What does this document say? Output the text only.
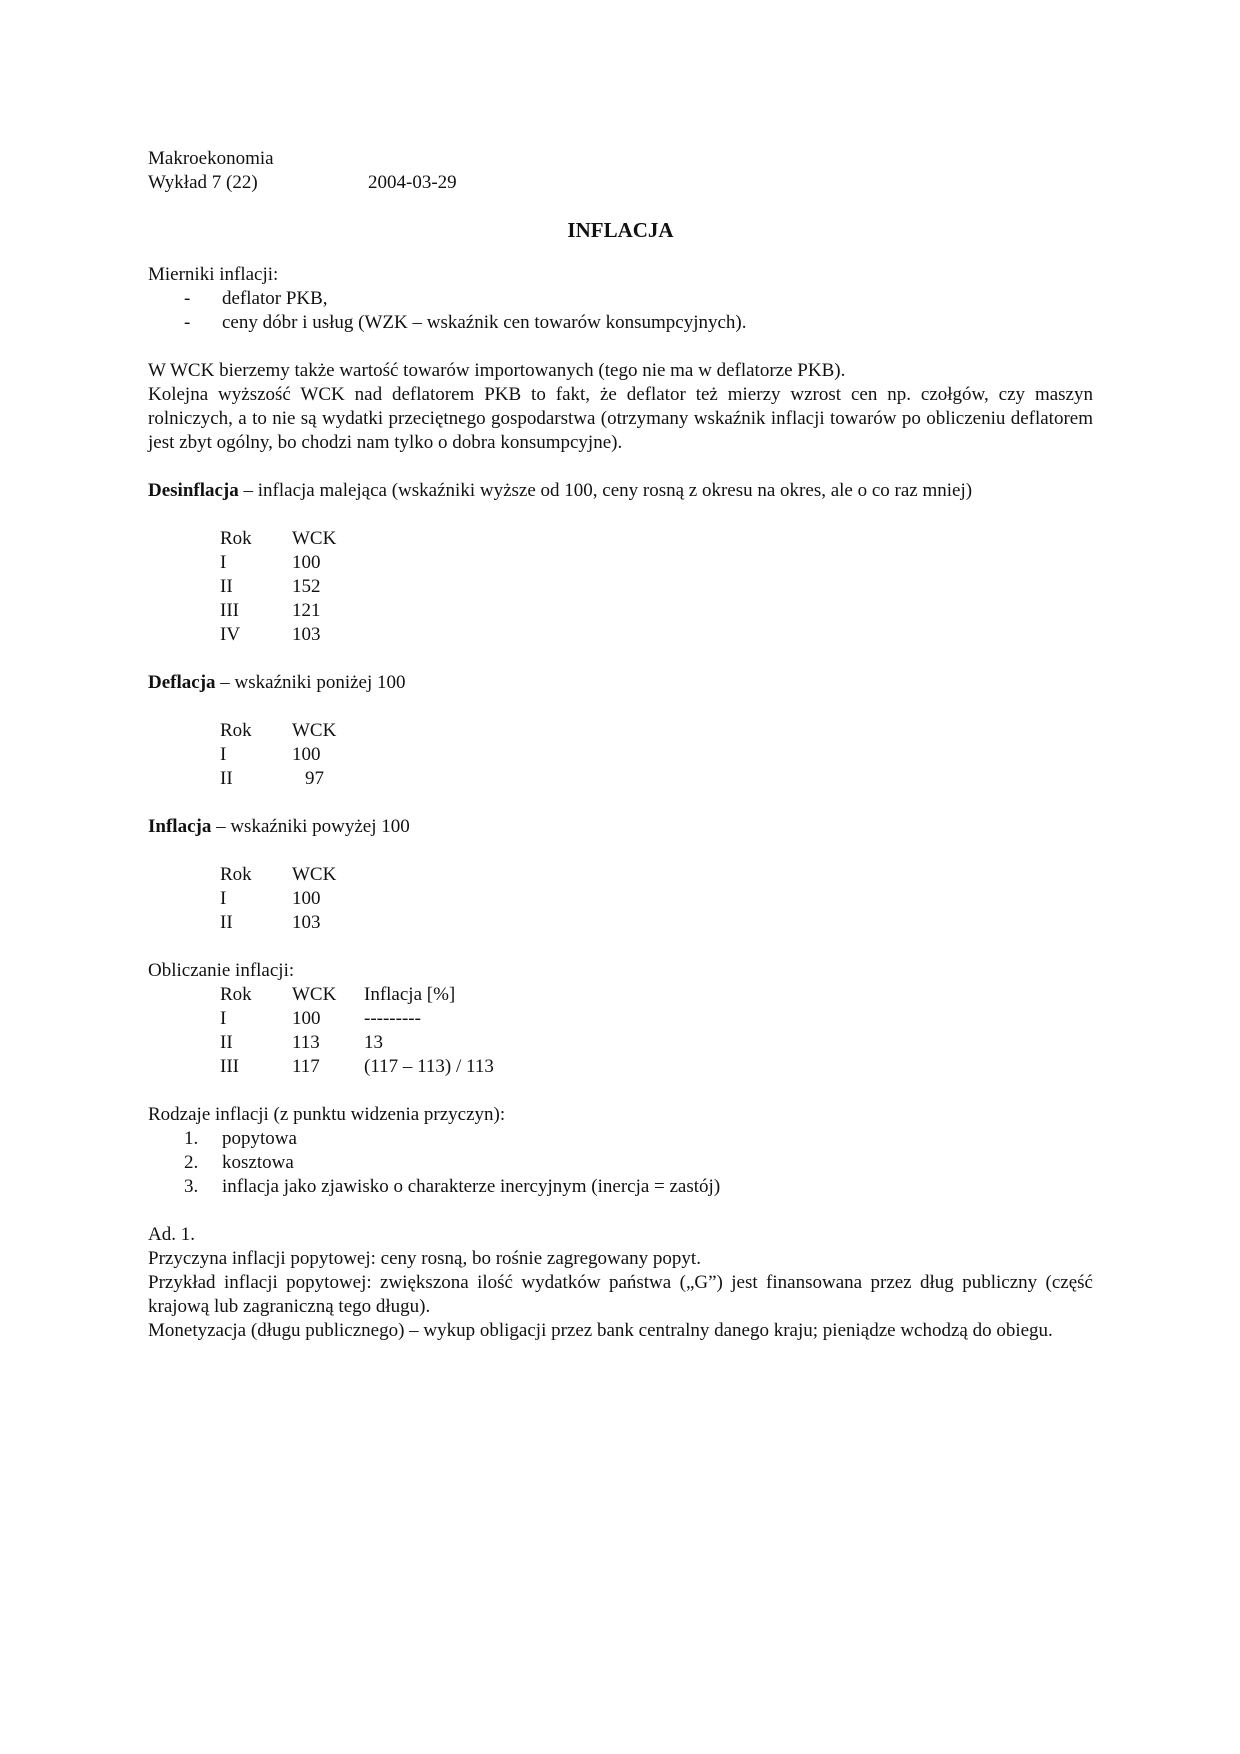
Makroekonomia

Wykład 7 (22)	2004-03-29
INFLACJA

Mierniki inflacji:

-	deflator PKB,
-	ceny dóbr i usług (WZK – wskaźnik cen towarów konsumpcyjnych).

W WCK bierzemy także wartość towarów importowanych (tego nie ma w deflatorze PKB).

Kolejna wyższość WCK nad deflatorem PKB to fakt, że deflator też mierzy wzrost cen np. czołgów, czy maszyn rolniczych, a to nie są wydatki przeciętnego gospodarstwa (otrzymany wskaźnik inflacji towarów po obliczeniu deflatorem jest zbyt ogólny, bo chodzi nam tylko o dobra konsumpcyjne).

Desinflacja – inflacja malejąca (wskaźniki wyższe od 100, ceny rosną z okresu na okres, ale o co raz mniej)

Rok	WCK
I	100
II	152
III	121
IV	103

Deflacja – wskaźniki poniżej 100

Rok	WCK
I	100
II	97

Inflacja – wskaźniki powyżej 100

Rok	WCK
I	100
II	103

Obliczanie inflacji:

Rok	WCK	Inflacja [%]
I	100	---------
II	113	13
III	117	(117 – 113) / 113

Rodzaje inflacji (z punktu widzenia przyczyn):

1.	popytowa
2.	kosztowa
3.	inflacja jako zjawisko o charakterze inercyjnym (inercja = zastój)

Ad. 1.

Przyczyna inflacji popytowej: ceny rosną, bo rośnie zagregowany popyt.

Przykład inflacji popytowej: zwiększona ilość wydatków państwa („G”) jest finansowana przez dług publiczny (część krajową lub zagraniczną tego długu).

Monetyzacja (długu publicznego) – wykup obligacji przez bank centralny danego kraju; pieniądze wchodzą do obiegu.
